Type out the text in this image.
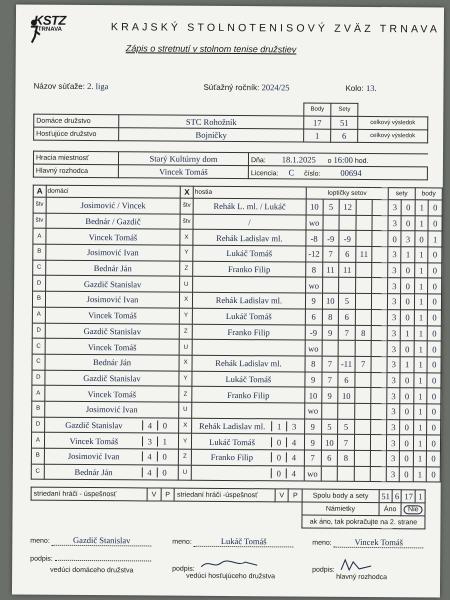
KSTZ
TRNAVA	KRAJSKÝ STOLNOTENISOVÝ ZVÄZ TRNAVA
Zápis o stretnutí v stolnom tenise družstiev
Názov súťaže: 2. liga	Súťažný ročník: 2024/25	Kolo: 13.
		Body	Sety	
Domáce družstvo	STC Rohožník	17	51	celkový výsledok
Hosťujúce družstvo	Bojničky	1	6	celkový výsledok
Hracia miestnosť	Starý Kultúrny dom	Dňa: 18.1.2025 o 16:00 hod.
Hlavný rozhodca	Vincek Tomáš	Licencia: C číslo: 00694
A	domáci	X	hostia	loptičky setov					sety		body	
štv	Josimović / Vincek	štv	Rehák L. ml. / Lukáč	10	5	12			3	0	1	0
štv	Bednár / Gazdič	štv	/	wo					3	0	1	0
A	Vincek Tomáš	X	Rehák Ladislav ml.	-8	-9	-9			0	3	0	1
B	Josimović Ivan	Y	Lukáč Tomáš	-12	7	6	11		3	1	1	0
C	Bednár Ján	Z	Franko Filip	8	11	11			3	0	1	0
D	Gazdič Stanislav	U		wo					3	0	1	0
B	Josimović Ivan	X	Rehák Ladislav ml.	9	10	5			3	0	1	0
A	Vincek Tomáš	Y	Lukáč Tomáš	6	8	6			3	0	1	0
D	Gazdič Stanislav	Z	Franko Filip	-9	9	7	8		3	1	1	0
C	Vincek Tomáš	U		wo					3	0	1	0
C	Bednár Ján	X	Rehák Ladislav ml.	8	7	-11	7		3	1	1	0
D	Gazdič Stanislav	Y	Lukáč Tomáš	9	7	6			3	0	1	0
A	Vincek Tomáš	Z	Franko Filip	10	9	10			3	0	1	0
B	Josimović Ivan	U		wo					3	0	1	0
D	Gazdič Stanislav 4 0	X	Rehák Ladislav ml. 1 3	9	5	5			3	0	1	0
A	Vincek Tomáš 3 1	Y	Lukáč Tomáš 0 4	9	10	7			3	0	1	0
B	Josimović Ivan 4 0	Z	Franko Filip 0 4	7	6	8			3	0	1	0
C	Bednár Ján 4 0	U	0 4	wo					3	0	1	0
striedaní hráči - úspešnosť	V	P	striedaní hráči -úspešnosť	V	P	Spolu body a sety	51	6	17	1
						Námietky	Áno		Nie	
						ak áno, tak pokračujte na 2. strane				
meno:	Gazdič Stanislav
podpis:
vedúci domáceho družstva
meno:	Lukáč Tomáš
podpis:
vedúci hosťujúceho družstva
meno:	Vincek Tomáš
podpis:
hlavný rozhodca
